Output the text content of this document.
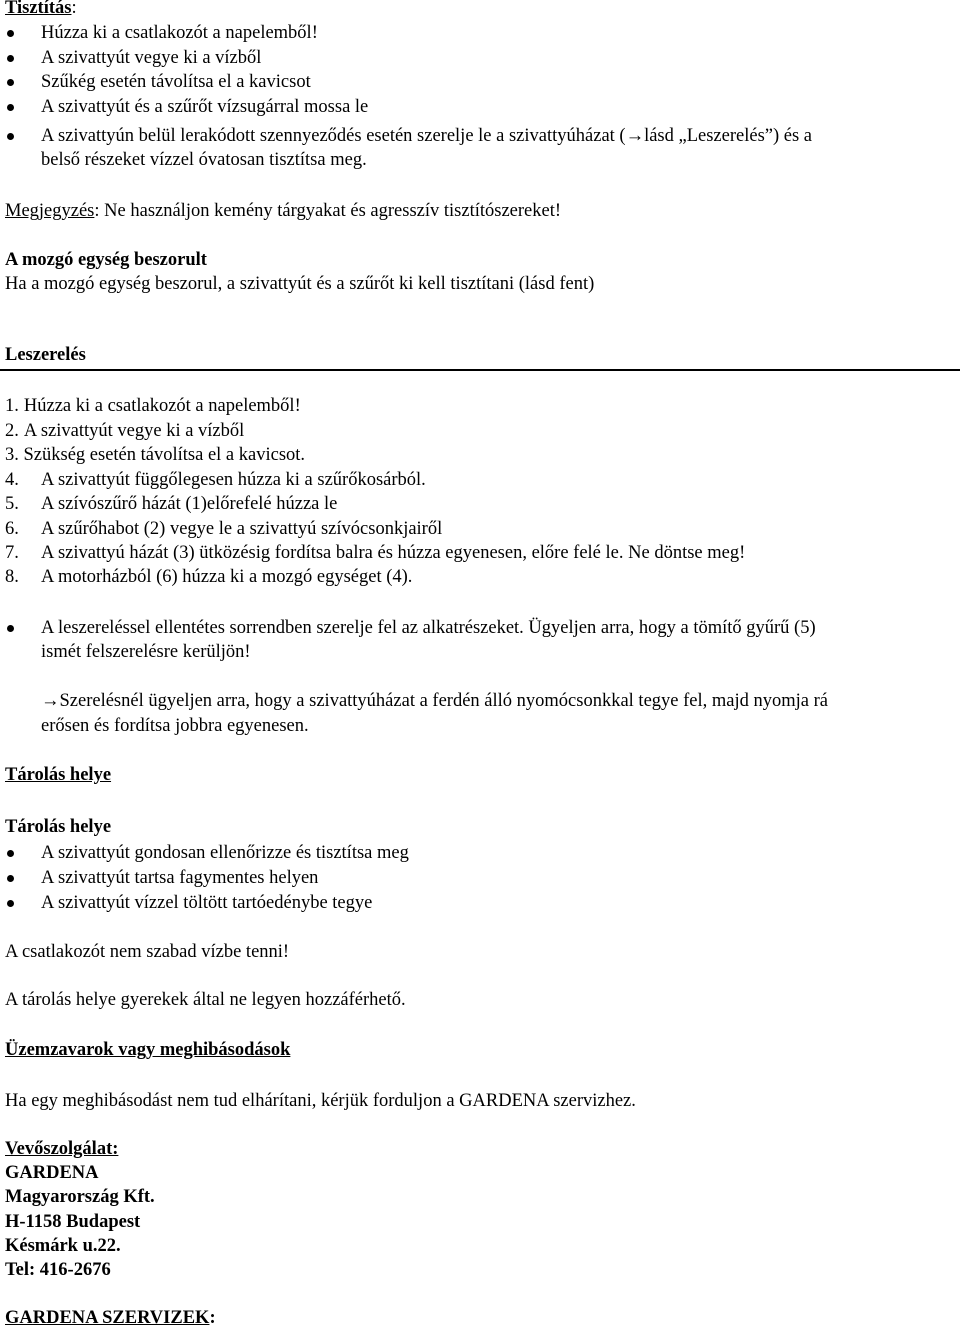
Tisztítás:
Húzza ki a csatlakozót a napelemből!
A szivattyút vegye ki a vízből
Szűkég esetén távolítsa el a kavicsot
A szivattyút és a szűrőt vízsugárral mossa le
A szivattyún belül lerakódott szennyeződés esetén szerelje le a szivattyúházat (→lásd „Leszerelés”) és a
belső részeket vízzel óvatosan tisztítsa meg.
Megjegyzés: Ne használjon kemény tárgyakat és agresszív tisztítószereket!
A mozgó egység beszorult
Ha a mozgó egység beszorul, a szivattyút és a szűrőt ki kell tisztítani (lásd fent)
Leszerelés
1. Húzza ki a csatlakozót a napelemből!
2. A szivattyút vegye ki a vízből
3. Szükség esetén távolítsa el a kavicsot.
4. A szivattyút függőlegesen húzza ki a szűrőkosárból.
5. A szívószűrő házát (1)előrefelé húzza le
6. A szűrőhabot (2) vegye le a szivattyú szívócsonkjairől
7. A szivattyú házát (3) ütközésig fordítsa balra és húzza egyenesen, előre felé le. Ne döntse meg!
8. A motorházból (6) húzza ki a mozgó egységet (4).
A leszereléssel ellentétes sorrendben szerelje fel az alkatrészeket. Ügyeljen arra, hogy a tömítő gyűrű (5)
ismét felszerelésre kerüljön!
→Szerelésnél ügyeljen arra, hogy a szivattyúházat a ferdén álló nyomócsonkkal tegye fel, majd nyomja rá
erősen és fordítsa jobbra egyenesen.
Tárolás helye
Tárolás helye
A szivattyút gondosan ellenőrizze és tisztítsa meg
A szivattyút tartsa fagymentes helyen
A szivattyút vízzel töltött tartóedénybe tegye
A csatlakozót nem szabad vízbe tenni!
A tárolás helye gyerekek által ne legyen hozzáférhető.
Üzemzavarok vagy meghibásodások
Ha egy meghibásodást nem tud elhárítani, kérjük forduljon a GARDENA szervizhez.
Vevőszolgálat:
GARDENA
Magyarország Kft.
H-1158 Budapest
Késmárk u.22.
Tel: 416-2676
GARDENA SZERVIZEK:
